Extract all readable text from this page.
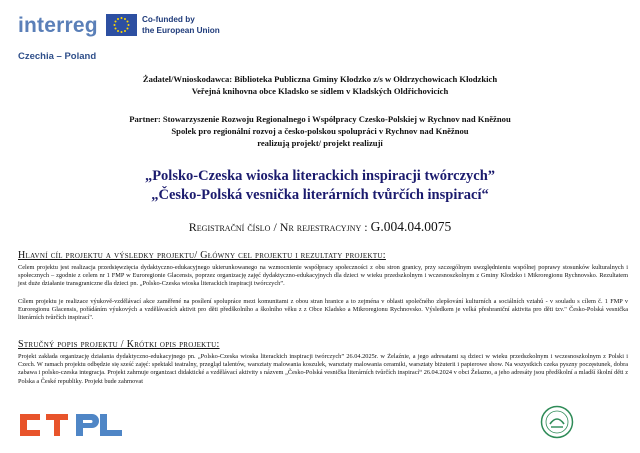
interreg	Co-funded by
the European Union
Czechia – Poland
Żadatel/Wnioskodawca: Biblioteka Publiczna Gminy Kłodzko z/s w Ołdrzychowicach Kłodzkich
Veřejná knihovna obce Kladsko se sídlem v Kladských Oldřichovicích
Partner: Stowarzyszenie Rozwoju Regionalnego i Współpracy Czesko-Polskiej w Rychnov nad Kněžnou
Spolek pro regionální rozvoj a česko-polskou spolupráci v Rychnov nad Kněžnou
realizują projekt/ projekt realizují
„Polsko-Czeska wioska literackich inspiracji twórczych”
„Česko-Polská vesnička literárních tvůrčích inspirací“
Registrační číslo / Nr rejestracyjny : G.004.04.0075
Hlavní cíl projektu a výsledky projektu/ Główny cel projektu i rezultaty projektu:
Celem projektu jest realizacja przedsięwzięcia dydaktyczno-edukacyjnego ukierunkowanego na wzmocnienie współpracy społeczności z obu stron granicy, przy szczególnym uwzględnieniu wspólnej poprawy stosunków kulturalnych i społecznych – zgodnie z celem nr 1 FMP w Euroregionie Glacensis, poprzez organizację zajęć dydaktyczno-edukacyjnych dla dzieci w wieku przedszkolnym i wczesnoszkolnym z Gminy Kłodzko i Mikroregionu Rychnovsko. Rezultatem jest duże działanie transgraniczne dla dzieci pn. „Polsko-Czeska wioska literackich inspiracji twórczych”.
Cílem projektu je realizace výukově-vzdělávací akce zaměřené na posílení spolupráce mezi komunitami z obou stran hranice a to zejména v oblasti společného zlepšování kulturních a sociálních vztahů - v souladu s cílem č. 1 FMP v Euroregionu Glacensis, pořádáním výukových a vzdělávacích aktivit pro děti předškolního a školního věku z z Obce Kladsko a Mikroregionu Rychnovsko. Výsledkem je velká přeshraniční aktivita pro děti tzv." Česko-Polská vesnička literárních tvůrčích inspirací".
Stručný popis projektu / Krótki opis projektu:
Projekt zakłada organizację działania dydaktyczno-edukacyjnego pn. „Polsko-Czeska wioska literackich inspiracji twórczych” 26.04.2025r. w Żelaźnie, a jego adresatami są dzieci w wieku przedszkolnym i wczesnoszkolnym z Polski i Czech. W ramach projektu odbędzie się sześć zajęć: spektakl teatralny, przegląd talentów, warsztaty malowania koszulek, warsztaty malowania ceramiki, warsztaty biżuterii i papierowe show. Na wszystkich czeka pyszny poczęstunek, dobra zabawa i polsko-czeska integracja. Projekt zahrnuje organizaci didaktické a vzdělávací aktivity s názvem „Česko-Polská vesnička literárních tvůrčích inspirací“ 26.04.2024 v obci Želazno, a jeho adresáty jsou předškolní a mladší školní děti z Polska a České republiky. Projekt bude zahrnovat
